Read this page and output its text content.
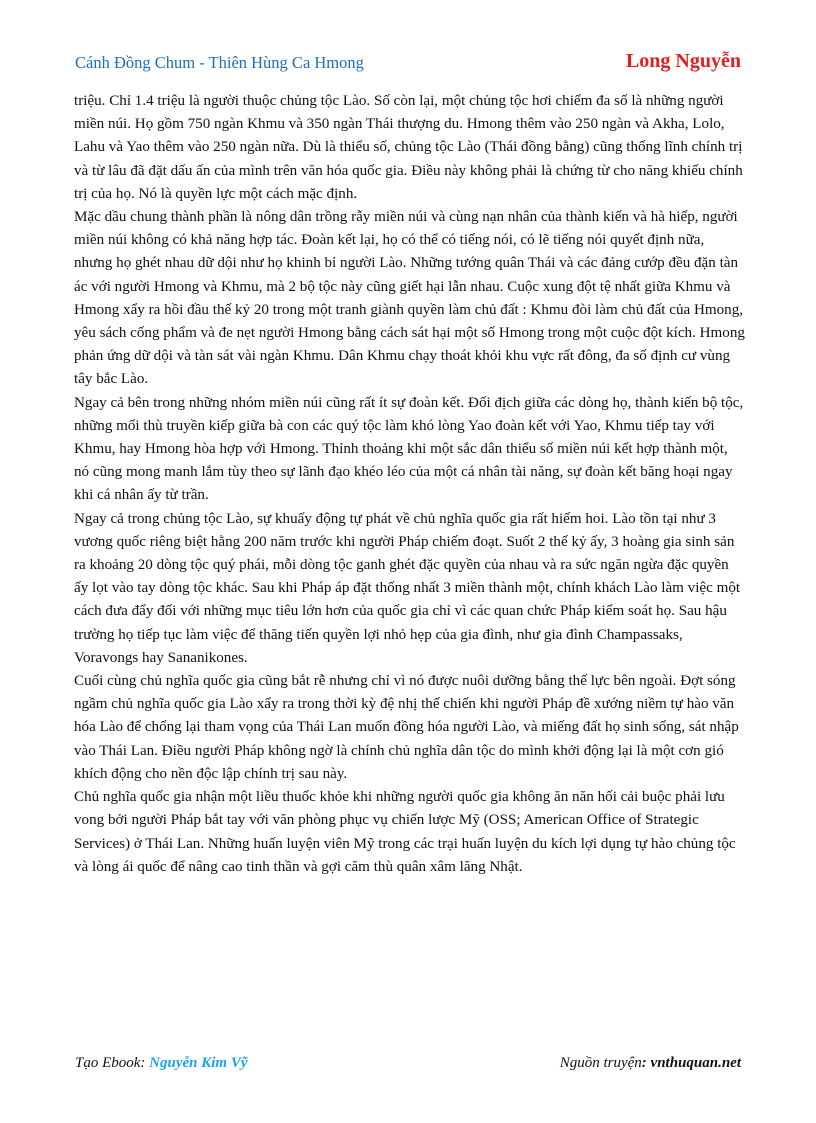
Cánh Đồng Chum - Thiên Hùng Ca Hmong	Long Nguyễn

triệu. Chỉ 1.4 triệu là người thuộc chủng tộc Lào. Số còn lại, một chủng tộc hơi chiếm đa số là những người miền núi. Họ gồm 750 ngàn Khmu và 350 ngàn Thái thượng du. Hmong thêm vào 250 ngàn và Akha, Lolo, Lahu và Yao thêm vào 250 ngàn nữa. Dù là thiểu số, chủng tộc Lào (Thái đồng bằng) cũng thống lĩnh chính trị và từ lâu đã đặt dấu ấn của mình trên văn hóa quốc gia. Điều này không phải là chứng từ cho năng khiếu chính trị của họ. Nó là quyền lực một cách mặc định.

Mặc dầu chung thành phần là nông dân trồng rẫy miền núi và cùng nạn nhân của thành kiến và hà hiếp, người miền núi không có khả năng hợp tác. Đoàn kết lại, họ có thể có tiếng nói, có lẽ tiếng nói quyết định nữa, nhưng họ ghét nhau dữ dội như họ khinh bỉ người Lào. Những tướng quân Thái và các đảng cướp đều đặn tàn ác với người Hmong và Khmu, mà 2 bộ tộc này cũng giết hại lẫn nhau. Cuộc xung đột tệ nhất giữa Khmu và Hmong xẩy ra hồi đầu thế kỷ 20 trong một tranh giành quyền làm chủ đất : Khmu đòi làm chủ đất của Hmong, yêu sách cống phẩm và đe nẹt người Hmong bằng cách sát hại một số Hmong trong một cuộc đột kích. Hmong phản ứng dữ dội và tàn sát vài ngàn Khmu. Dân Khmu chạy thoát khỏi khu vực rất đông, đa số định cư vùng tây bắc Lào.

Ngay cả bên trong những nhóm miền núi cũng rất ít sự đoàn kết. Đối địch giữa các dòng họ, thành kiến bộ tộc, những mối thù truyền kiếp giữa bà con các quý tộc làm khó lòng Yao đoàn kết với Yao, Khmu tiếp tay với Khmu, hay Hmong hòa hợp với Hmong. Thỉnh thoảng khi một sắc dân thiểu số miền núi kết hợp thành một, nó cũng mong manh lắm tùy theo sự lãnh đạo khéo léo của một cá nhân tài năng, sự đoàn kết băng hoại ngay khi cá nhân ấy từ trần.

Ngay cả trong chủng tộc Lào, sự khuấy động tự phát về chủ nghĩa quốc gia rất hiếm hoi. Lào tồn tại như 3 vương quốc riêng biệt hằng 200 năm trước khi người Pháp chiếm đoạt. Suốt 2 thế kỷ ấy, 3 hoàng gia sinh sản ra khoảng 20 dòng tộc quý phái, mỗi dòng tộc ganh ghét đặc quyền của nhau và ra sức ngăn ngừa đặc quyền ấy lọt vào tay dòng tộc khác. Sau khi Pháp áp đặt thống nhất 3 miền thành một, chính khách Lào làm việc một cách đưa đẩy đối với những mục tiêu lớn hơn của quốc gia chỉ vì các quan chức Pháp kiểm soát họ. Sau hậu trường họ tiếp tục làm việc để thăng tiến quyền lợi nhỏ hẹp của gia đình, như gia đình Champassaks, Voravongs hay Sananikones.

Cuối cùng chủ nghĩa quốc gia cũng bắt rễ nhưng chỉ vì nó được nuôi dưỡng bằng thế lực bên ngoài. Đợt sóng ngầm chủ nghĩa quốc gia Lào xẩy ra trong thời kỳ đệ nhị thế chiến khi người Pháp đề xướng niềm tự hào văn hóa Lào để chống lại tham vọng của Thái Lan muốn đồng hóa người Lào, và miếng đất họ sinh sống, sát nhập vào Thái Lan. Điều người Pháp không ngờ là chính chủ nghĩa dân tộc do mình khởi động lại là một cơn gió khích động cho nền độc lập chính trị sau này.

Chủ nghĩa quốc gia nhận một liều thuốc khỏe khi những người quốc gia không ăn năn hối cải buộc phải lưu vong bởi người Pháp bắt tay với văn phòng phục vụ chiến lược Mỹ (OSS; American Office of Strategic Services) ở Thái Lan. Những huấn luyện viên Mỹ trong các trại huấn luyện du kích lợi dụng tự hào chủng tộc và lòng ái quốc để nâng cao tinh thần và gợi căm thù quân xâm lăng Nhật.

Tạo Ebook: Nguyễn Kim Vỹ	Nguồn truyện: vnthuquan.net
